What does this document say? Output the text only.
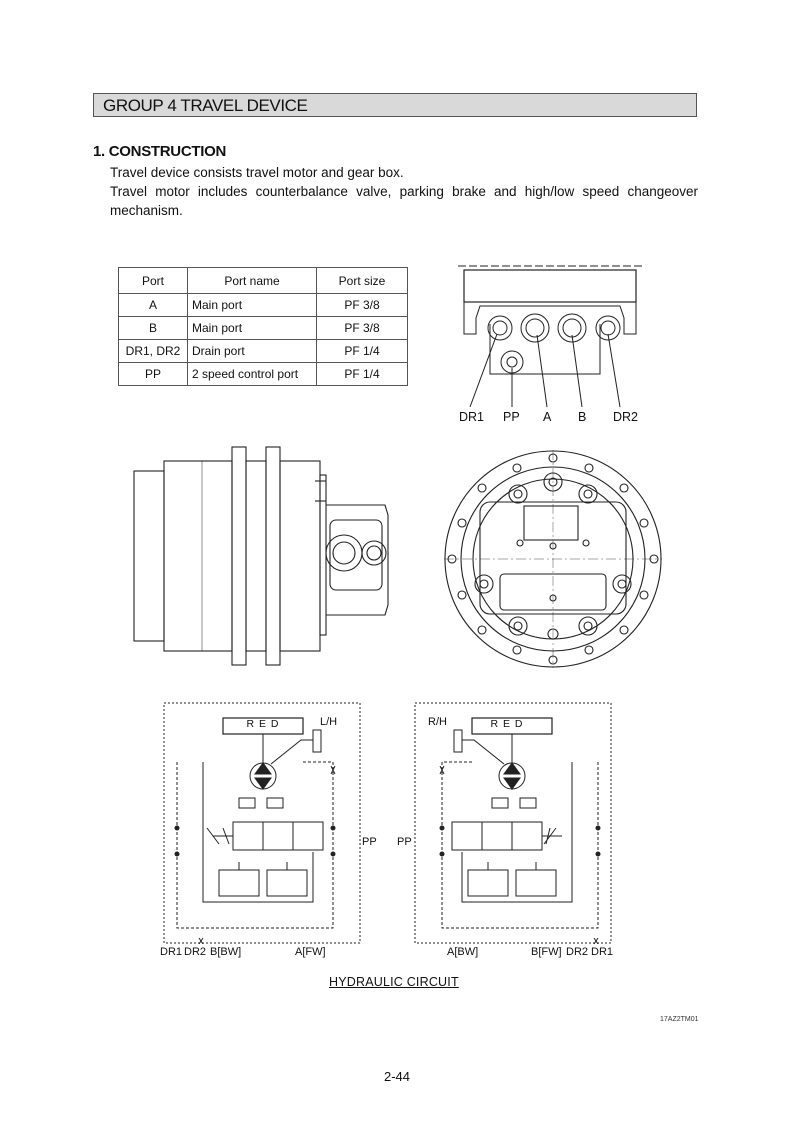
GROUP 4 TRAVEL DEVICE
1. CONSTRUCTION
Travel device consists travel motor and gear box.
Travel motor includes counterbalance valve, parking brake and high/low speed changeover
mechanism.
Port	Port name	Port size
A	Main port	PF 3/8
B	Main port	PF 3/8
DR1, DR2	Drain port	PF 1/4
PP	2 speed control port	PF 1/4
DR1 PP A B DR2
R E D	L/H
PP
DR1 DR2 B[BW]	A[FW]
R E D
R/H
PP
A[BW]	B[FW] DR2 DR1
HYDRAULIC CIRCUIT
17AZ2TM01
2-44
